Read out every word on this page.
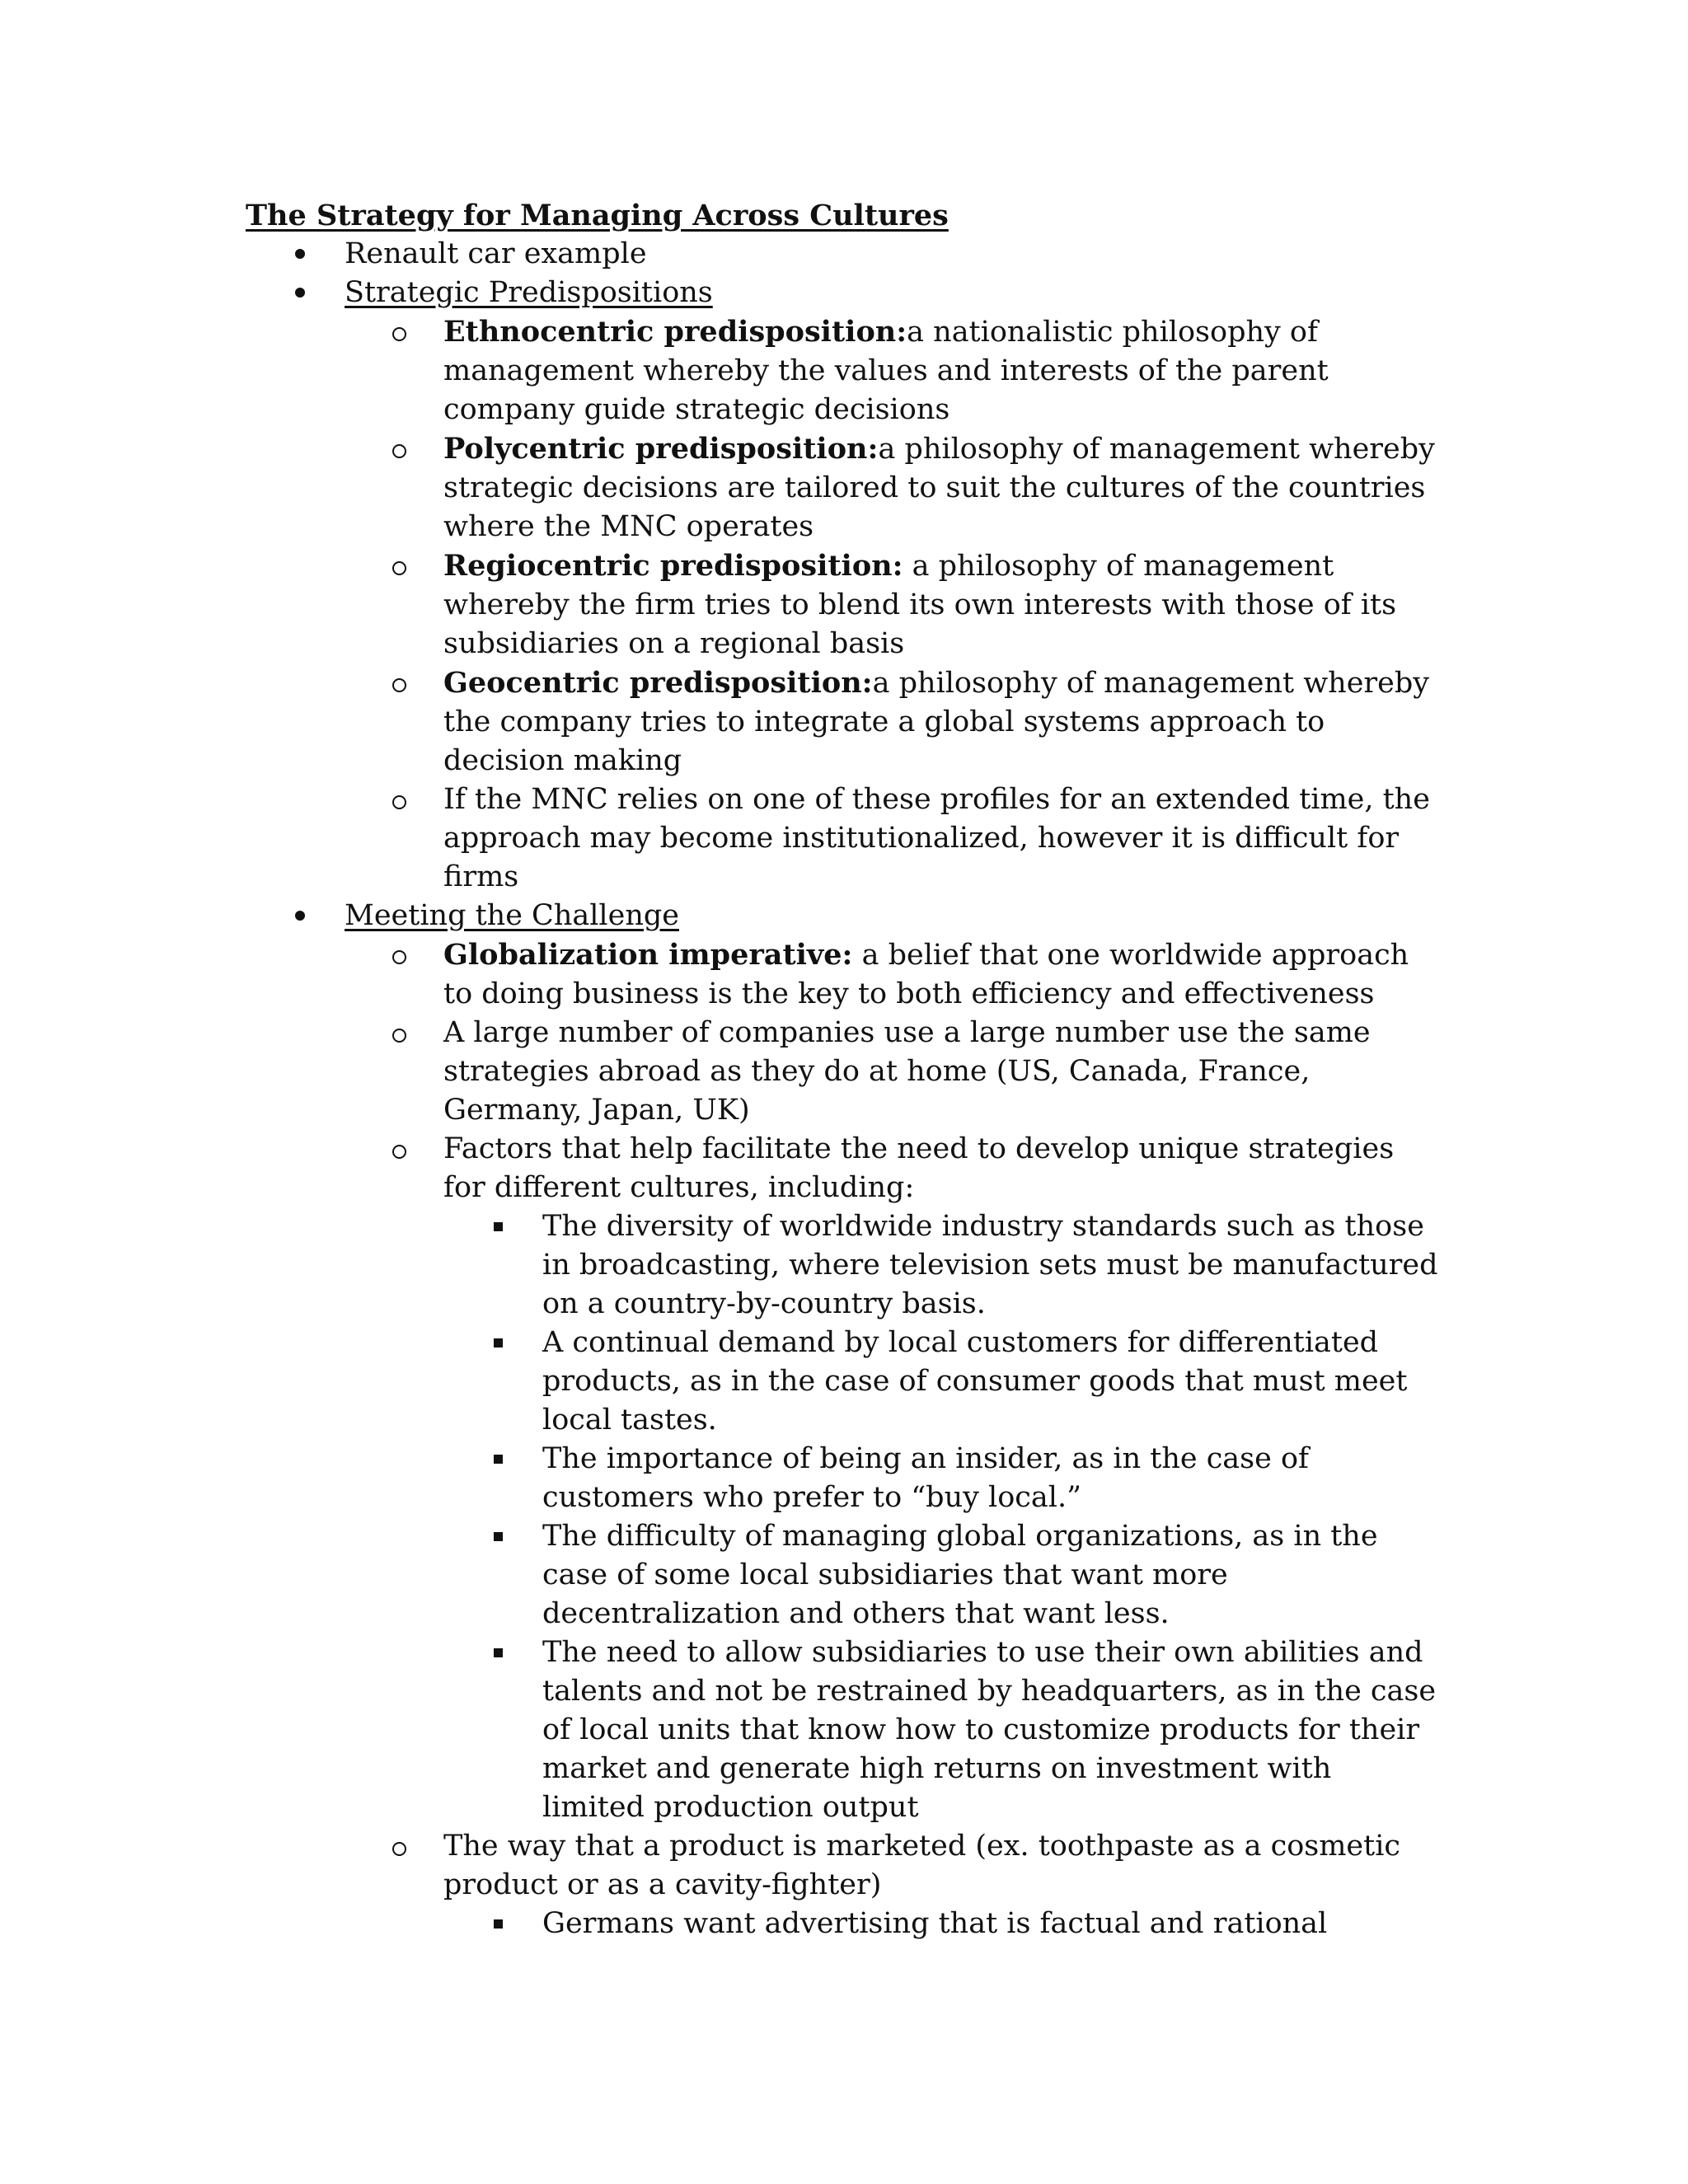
The Strategy for Managing Across Cultures
Renault car example
Strategic Predispositions
Ethnocentric predisposition:a nationalistic philosophy of management whereby the values and interests of the parent company guide strategic decisions
Polycentric predisposition:a philosophy of management whereby strategic decisions are tailored to suit the cultures of the countries where the MNC operates
Regiocentric predisposition: a philosophy of management whereby the firm tries to blend its own interests with those of its subsidiaries on a regional basis
Geocentric predisposition:a philosophy of management whereby the company tries to integrate a global systems approach to decision making
If the MNC relies on one of these profiles for an extended time, the approach may become institutionalized, however it is difficult for firms
Meeting the Challenge
Globalization imperative: a belief that one worldwide approach to doing business is the key to both efficiency and effectiveness
A large number of companies use a large number use the same strategies abroad as they do at home (US, Canada, France, Germany, Japan, UK)
Factors that help facilitate the need to develop unique strategies for different cultures, including:
The diversity of worldwide industry standards such as those in broadcasting, where television sets must be manufactured on a country-by-country basis.
A continual demand by local customers for differentiated products, as in the case of consumer goods that must meet local tastes.
The importance of being an insider, as in the case of customers who prefer to “buy local.”
The difficulty of managing global organizations, as in the case of some local subsidiaries that want more decentralization and others that want less.
The need to allow subsidiaries to use their own abilities and talents and not be restrained by headquarters, as in the case of local units that know how to customize products for their market and generate high returns on investment with limited production output
The way that a product is marketed (ex. toothpaste as a cosmetic product or as a cavity-fighter)
Germans want advertising that is factual and rational
